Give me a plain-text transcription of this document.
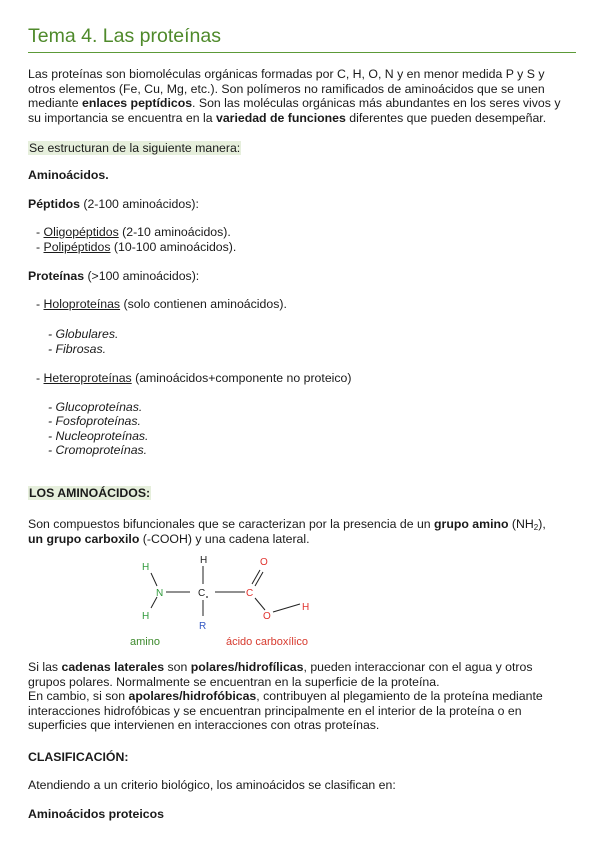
Tema 4. Las proteínas
Las proteínas son biomoléculas orgánicas formadas por C, H, O, N y en menor medida P y S y
otros elementos (Fe, Cu, Mg, etc.). Son polímeros no ramificados de aminoácidos que se unen
mediante enlaces peptídicos. Son las moléculas orgánicas más abundantes en los seres vivos y
su importancia se encuentra en la variedad de funciones diferentes que pueden desempeñar.
Se estructuran de la siguiente manera:
Aminoácidos.
Péptidos (2-100 aminoácidos):
- Oligopéptidos (2-10 aminoácidos).
- Polipéptidos (10-100 aminoácidos).
Proteínas (>100 aminoácidos):
- Holoproteínas (solo contienen aminoácidos).
- Globulares.
- Fibrosas.
- Heteroproteínas (aminoácidos+componente no proteico)
- Glucoproteínas.
- Fosfoproteínas.
- Nucleoproteínas.
- Cromoproteínas.
LOS AMINOÁCIDOS:
Son compuestos bifuncionales que se caracterizan por la presencia de un grupo amino $(NH_2)$,
un grupo carboxilo (-COOH) y una cadena lateral.
H
N
H
H
C
R
O
C
O
H
amino	ácido carboxílico
Si las cadenas laterales son polares/hidrofílicas, pueden interaccionar con el agua y otros
grupos polares. Normalmente se encuentran en la superficie de la proteína.
En cambio, si son apolares/hidrofóbicas, contribuyen al plegamiento de la proteína mediante
interacciones hidrofóbicas y se encuentran principalmente en el interior de la proteína o en
superficies que intervienen en interacciones con otras proteínas.
CLASIFICACIÓN:
Atendiendo a un criterio biológico, los aminoácidos se clasifican en:
Aminoácidos proteicos
